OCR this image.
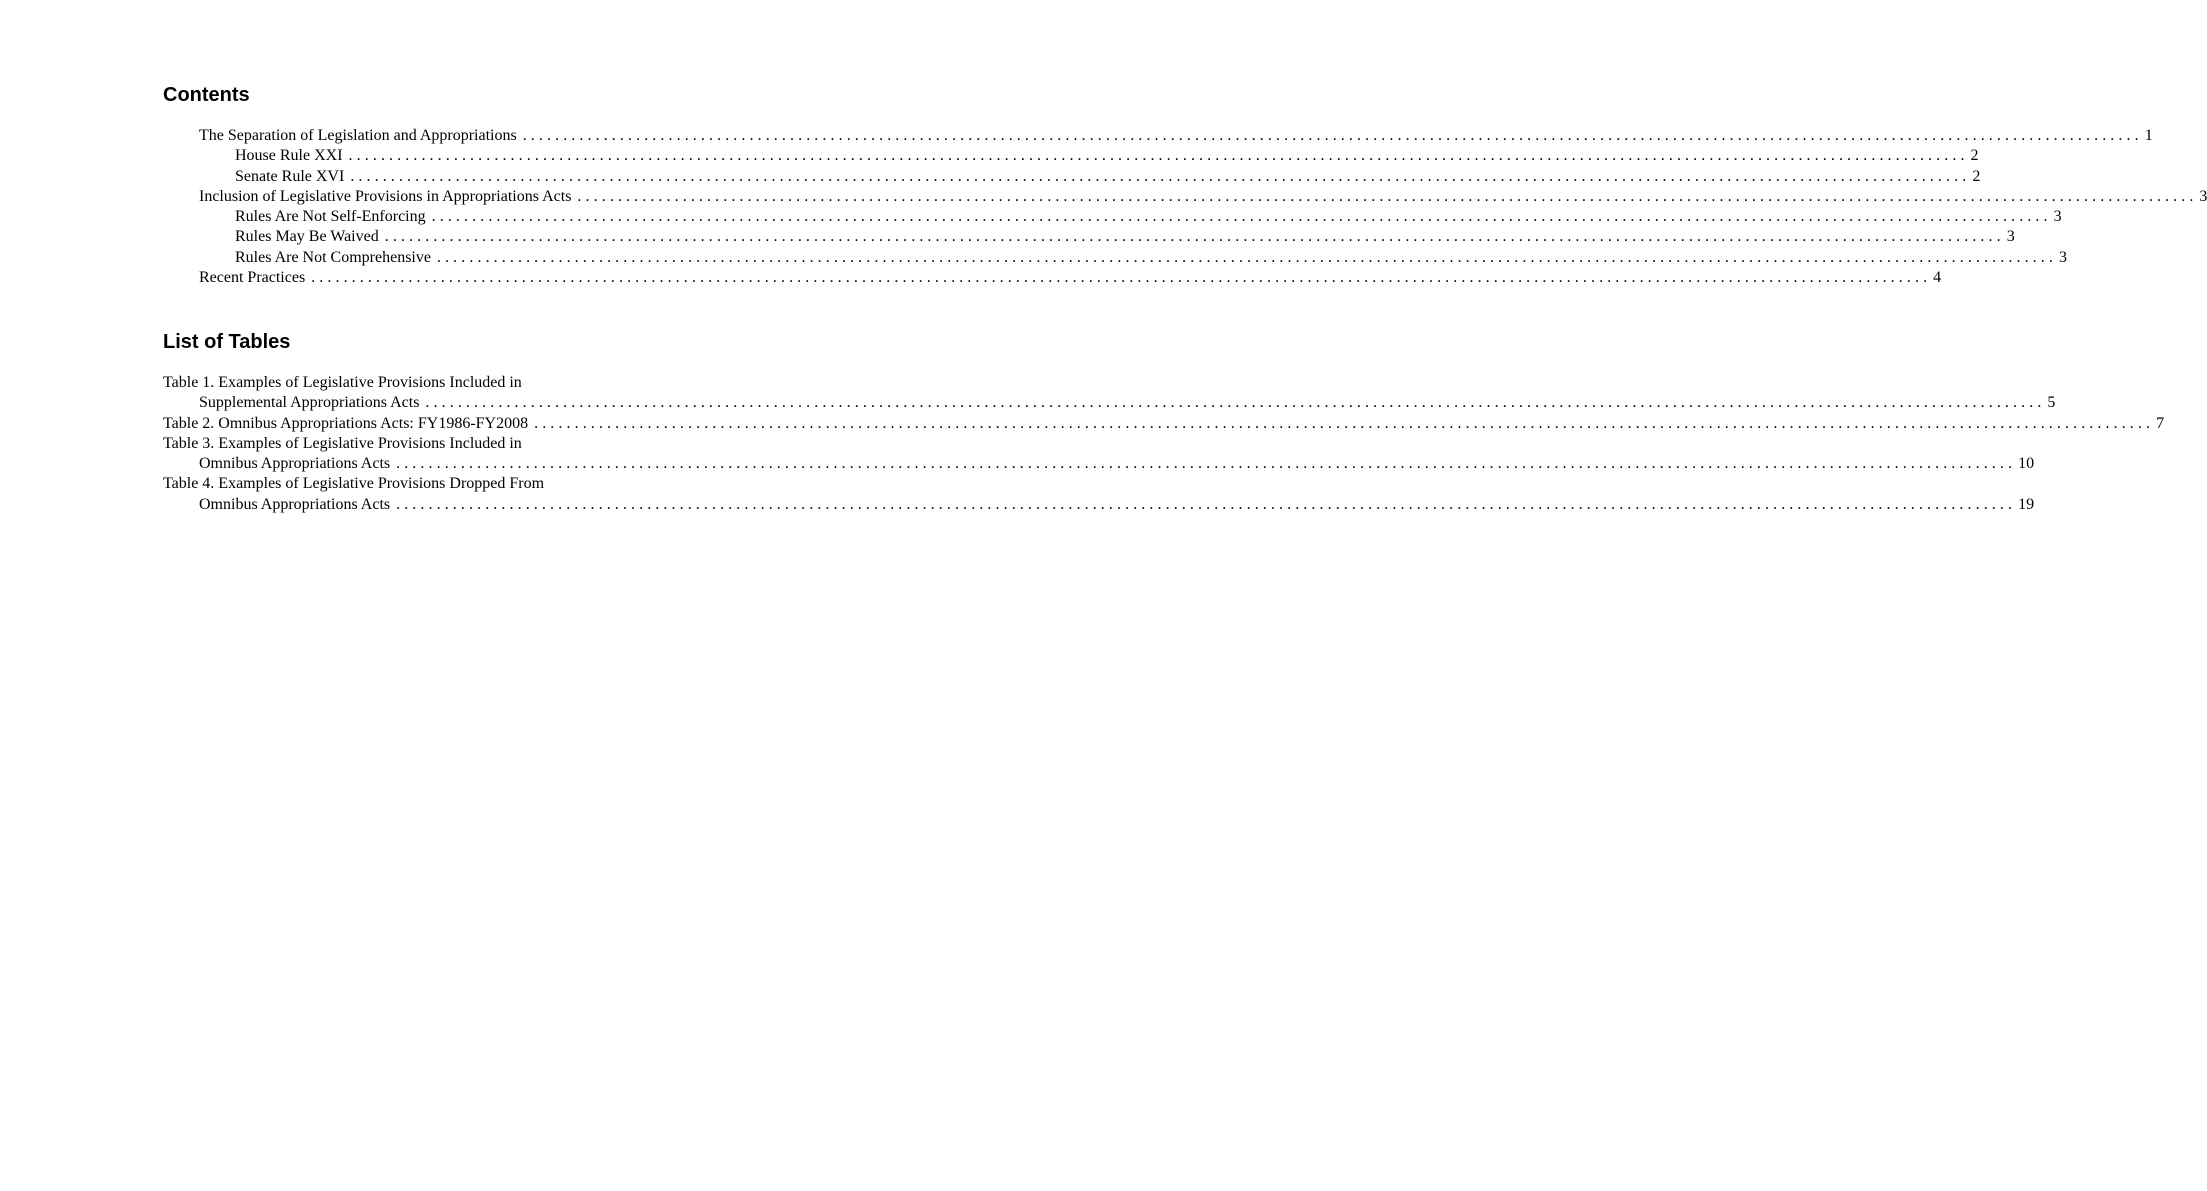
Contents
The Separation of Legislation and Appropriations ........................................................................................................................................................................................................ 1
House Rule XXI ........................................................................................................................................................................................................ 2
Senate Rule XVI ........................................................................................................................................................................................................ 2
Inclusion of Legislative Provisions in Appropriations Acts ........................................................................................................................................................................................................ 3
Rules Are Not Self-Enforcing ........................................................................................................................................................................................................ 3
Rules May Be Waived ........................................................................................................................................................................................................ 3
Rules Are Not Comprehensive ........................................................................................................................................................................................................ 3
Recent Practices ........................................................................................................................................................................................................ 4
List of Tables
Table 1. Examples of Legislative Provisions Included in
Supplemental Appropriations Acts ........................................................................................................................................................................................................ 5
Table 2. Omnibus Appropriations Acts: FY1986-FY2008 ........................................................................................................................................................................................................ 7
Table 3. Examples of Legislative Provisions Included in
Omnibus Appropriations Acts ........................................................................................................................................................................................................ 10
Table 4. Examples of Legislative Provisions Dropped From
Omnibus Appropriations Acts ........................................................................................................................................................................................................ 19
